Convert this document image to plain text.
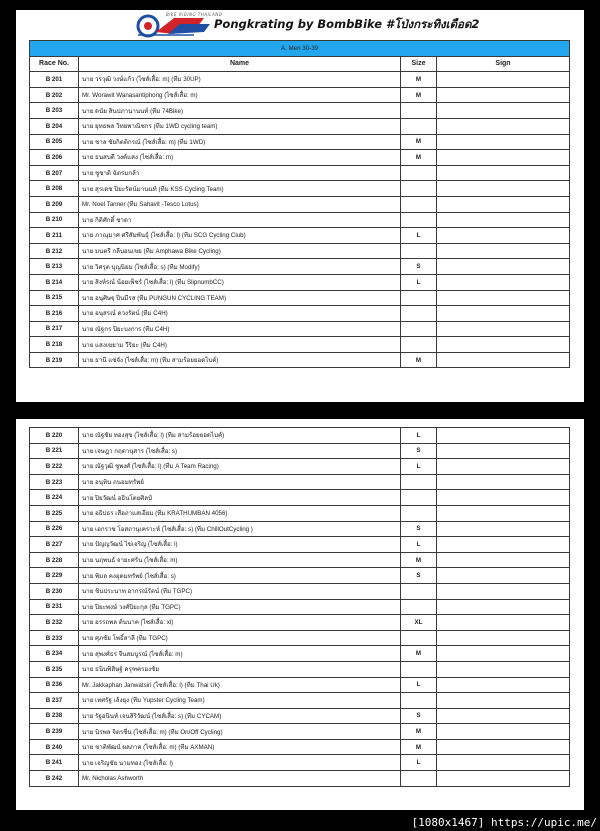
BIKE RIDING THAILAND
Pongkrating by BombBike #โป่งกระทิงเดือด2
A. Men 30-39			
Race No.	Name	Size	Sign
B 201	นาย วรวุฒิ วงษ์แก้ว (ไซส์เสื้อ: m) (ทีม 30UP)	M	
B 202	Mr. Worawit Wanasantiphong (ไซส์เสื้อ: m)	M	
B 203	นาย ดนัย สินปภานานนท์ (ทีม 74Bike)		
B 204	นาย ยุทธพล วิทยพาณิชกร (ทีม 1WD cycling team)		
B 205	นาย ชาล ชัยกิตติกรณ์ (ไซส์เสื้อ: m) (ทีม 1WD)	M	
B 206	นาย ธนสบดี วงค์แสง (ไซส์เสื้อ: m)	M	
B 207	นาย ชูชาติ ฉัตรมกล้า		
B 208	นาย สุรเดช ปิยะรัตน์มานนท์ (ทีม KSS Cycling Team)		
B 209	Mr. Noel Tanner (ทีม Sahavit -Tesco Lotus)		
B 210	นาย กิติศักดิ์ ชาดา		
B 211	นาย ภาณุมาศ ศรีสัมพันธุ์ (ไซส์เสื้อ: l) (ทีม SCG Cycling Club)	L	
B 212	นาย มนตรี กลีบอนเขย (ทีม Amphawa Bike Cycling)		
B 213	นาย วิศรุต บุญนิยม (ไซส์เสื้อ: s) (ทีม Modify)	S	
B 214	นาย สิงห์รณ์ น้อยเพ็ชร์ (ไซส์เสื้อ: l) (ทีม SlipnumbCC)	L	
B 215	นาย อนุศิษฐุ ปิ่นมีรส (ทีม PUNGUN CYCLING TEAM)		
B 216	นาย อนุสรณ์ ดวงรัตน์ (ทีม C4H)		
B 217	นาย ณัฐกร ปิยะบงการ (ทีม C4H)		
B 218	นาย แสงเขยาม วีริยะ (ทีม C4H)		
B 219	นาย ธานี แซ่จัง (ไซส์เสื้อ: m) (ทีม สามร้อยยอดไบค์)	M	
B 220	นาย ณัฐชัย ทองสุข (ไซส์เสื้อ: l) (ทีม สามร้อยยอดไบค์)	L	
B 221	นาย เจษฎา กฤตานุสาร (ไซส์เสื้อ: s)	S	
B 222	นาย ณัฐวุฒิ ชูพงศ์ (ไซส์เสื้อ: l) (ทีม A Team Racing)	L	
B 223	นาย อนุทิน ถนอมทรัพย์		
B 224	นาย ปิยวัฒน์ อธินโตยศิลป์		
B 225	นาย อธิปธร เสือถาแสเอียม (ทีม KRATHUMBAN 4056)		
B 226	นาย เอกราช โอสถานุเคราะห์ (ไซส์เสื้อ: s) (ทีม ChillOutCycling )	S	
B 227	นาย ปัญญวัฒน์ ไข่เจริญ (ไซส์เสื้อ: l)	L	
B 228	นาย นฤพนธ์ จายะศร้น (ไซส์เสื้อ: m)	M	
B 229	นาย พิมล คงอุดมทรัพย์ (ไซส์เสื้อ: s)	S	
B 230	นาย ชินประนาท อากรณ์รัตน์ (ทีม TGPC)		
B 231	นาย ปิยะพงษ์ วงศ์ปิยะกุล (ทีม TGPC)		
B 232	นาย อรรถพล ต้นนาค (ไซส์เสื้อ: xl)	XL	
B 233	นาย ศุภชัย โพธิ์สาลี (ทีม TGPC)		
B 234	นาย สุพงศ์ธร จีนสมบูรณ์ (ไซส์เสื้อ: m)	M	
B 235	นาย ธนินพิสิษฐ์ ครุฑครองชัย		
B 236	Mr. Jakkaphan Janwatsiri (ไซส์เสื้อ: l) (ทีม Thai Uk)	L	
B 237	นาย เทศรัฐ เล้งยุง (ทีม Yupster Cycling Team)		
B 238	นาย รัฐอนินท์ เจนสิริวัฒน์ (ไซส์เสื้อ: s) (ทีม CYCAM)	S	
B 239	นาย นิรพล จิตรชื่น (ไซส์เสื้อ: m) (ทีม On/Off Cycling)	M	
B 240	นาย ชาติพัฒน์ ผลภาค (ไซส์เสื้อ: m) (ทีม AXMAN)	M	
B 241	นาย เจริญชัย นามทอง (ไซส์เสื้อ: l)	L	
B 242	Mr. Nicholas Ashworth		
[1080x1467] https://upic.me/
